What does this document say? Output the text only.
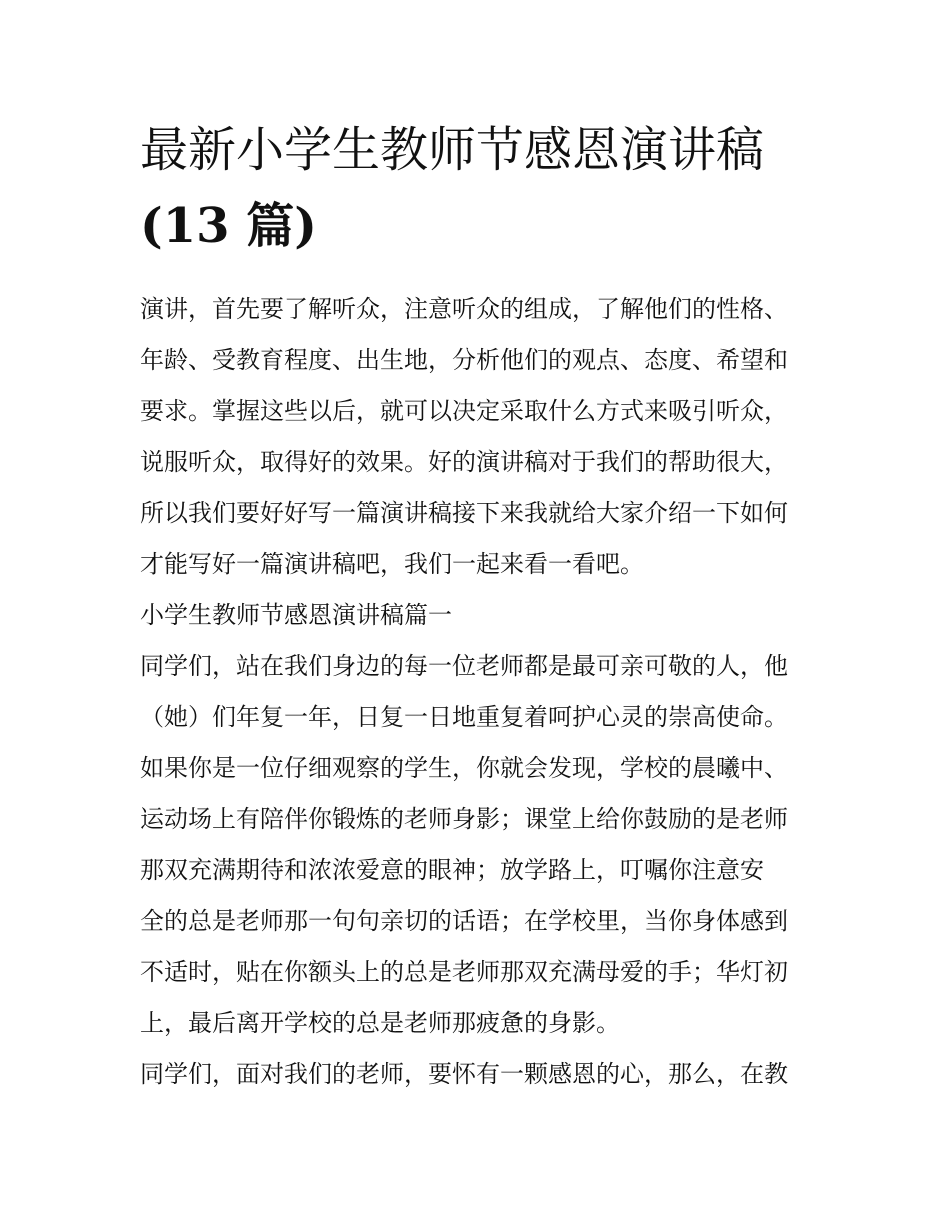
最新小学生教师节感恩演讲稿
(13 篇)

演讲，首先要了解听众，注意听众的组成，了解他们的性格、
年龄、受教育程度、出生地，分析他们的观点、态度、希望和
要求。掌握这些以后，就可以决定采取什么方式来吸引听众，
说服听众，取得好的效果。好的演讲稿对于我们的帮助很大，
所以我们要好好写一篇演讲稿接下来我就给大家介绍一下如何
才能写好一篇演讲稿吧，我们一起来看一看吧。

小学生教师节感恩演讲稿篇一

同学们，站在我们身边的每一位老师都是最可亲可敬的人，他
（她）们年复一年，日复一日地重复着呵护心灵的崇高使命。
如果你是一位仔细观察的学生，你就会发现，学校的晨曦中、
运动场上有陪伴你锻炼的老师身影；课堂上给你鼓励的是老师
那双充满期待和浓浓爱意的眼神；放学路上，叮嘱你注意安
全的总是老师那一句句亲切的话语；在学校里，当你身体感到
不适时，贴在你额头上的总是老师那双充满母爱的手；华灯初
上，最后离开学校的总是老师那疲惫的身影。

同学们，面对我们的老师，要怀有一颗感恩的心，那么，在教
